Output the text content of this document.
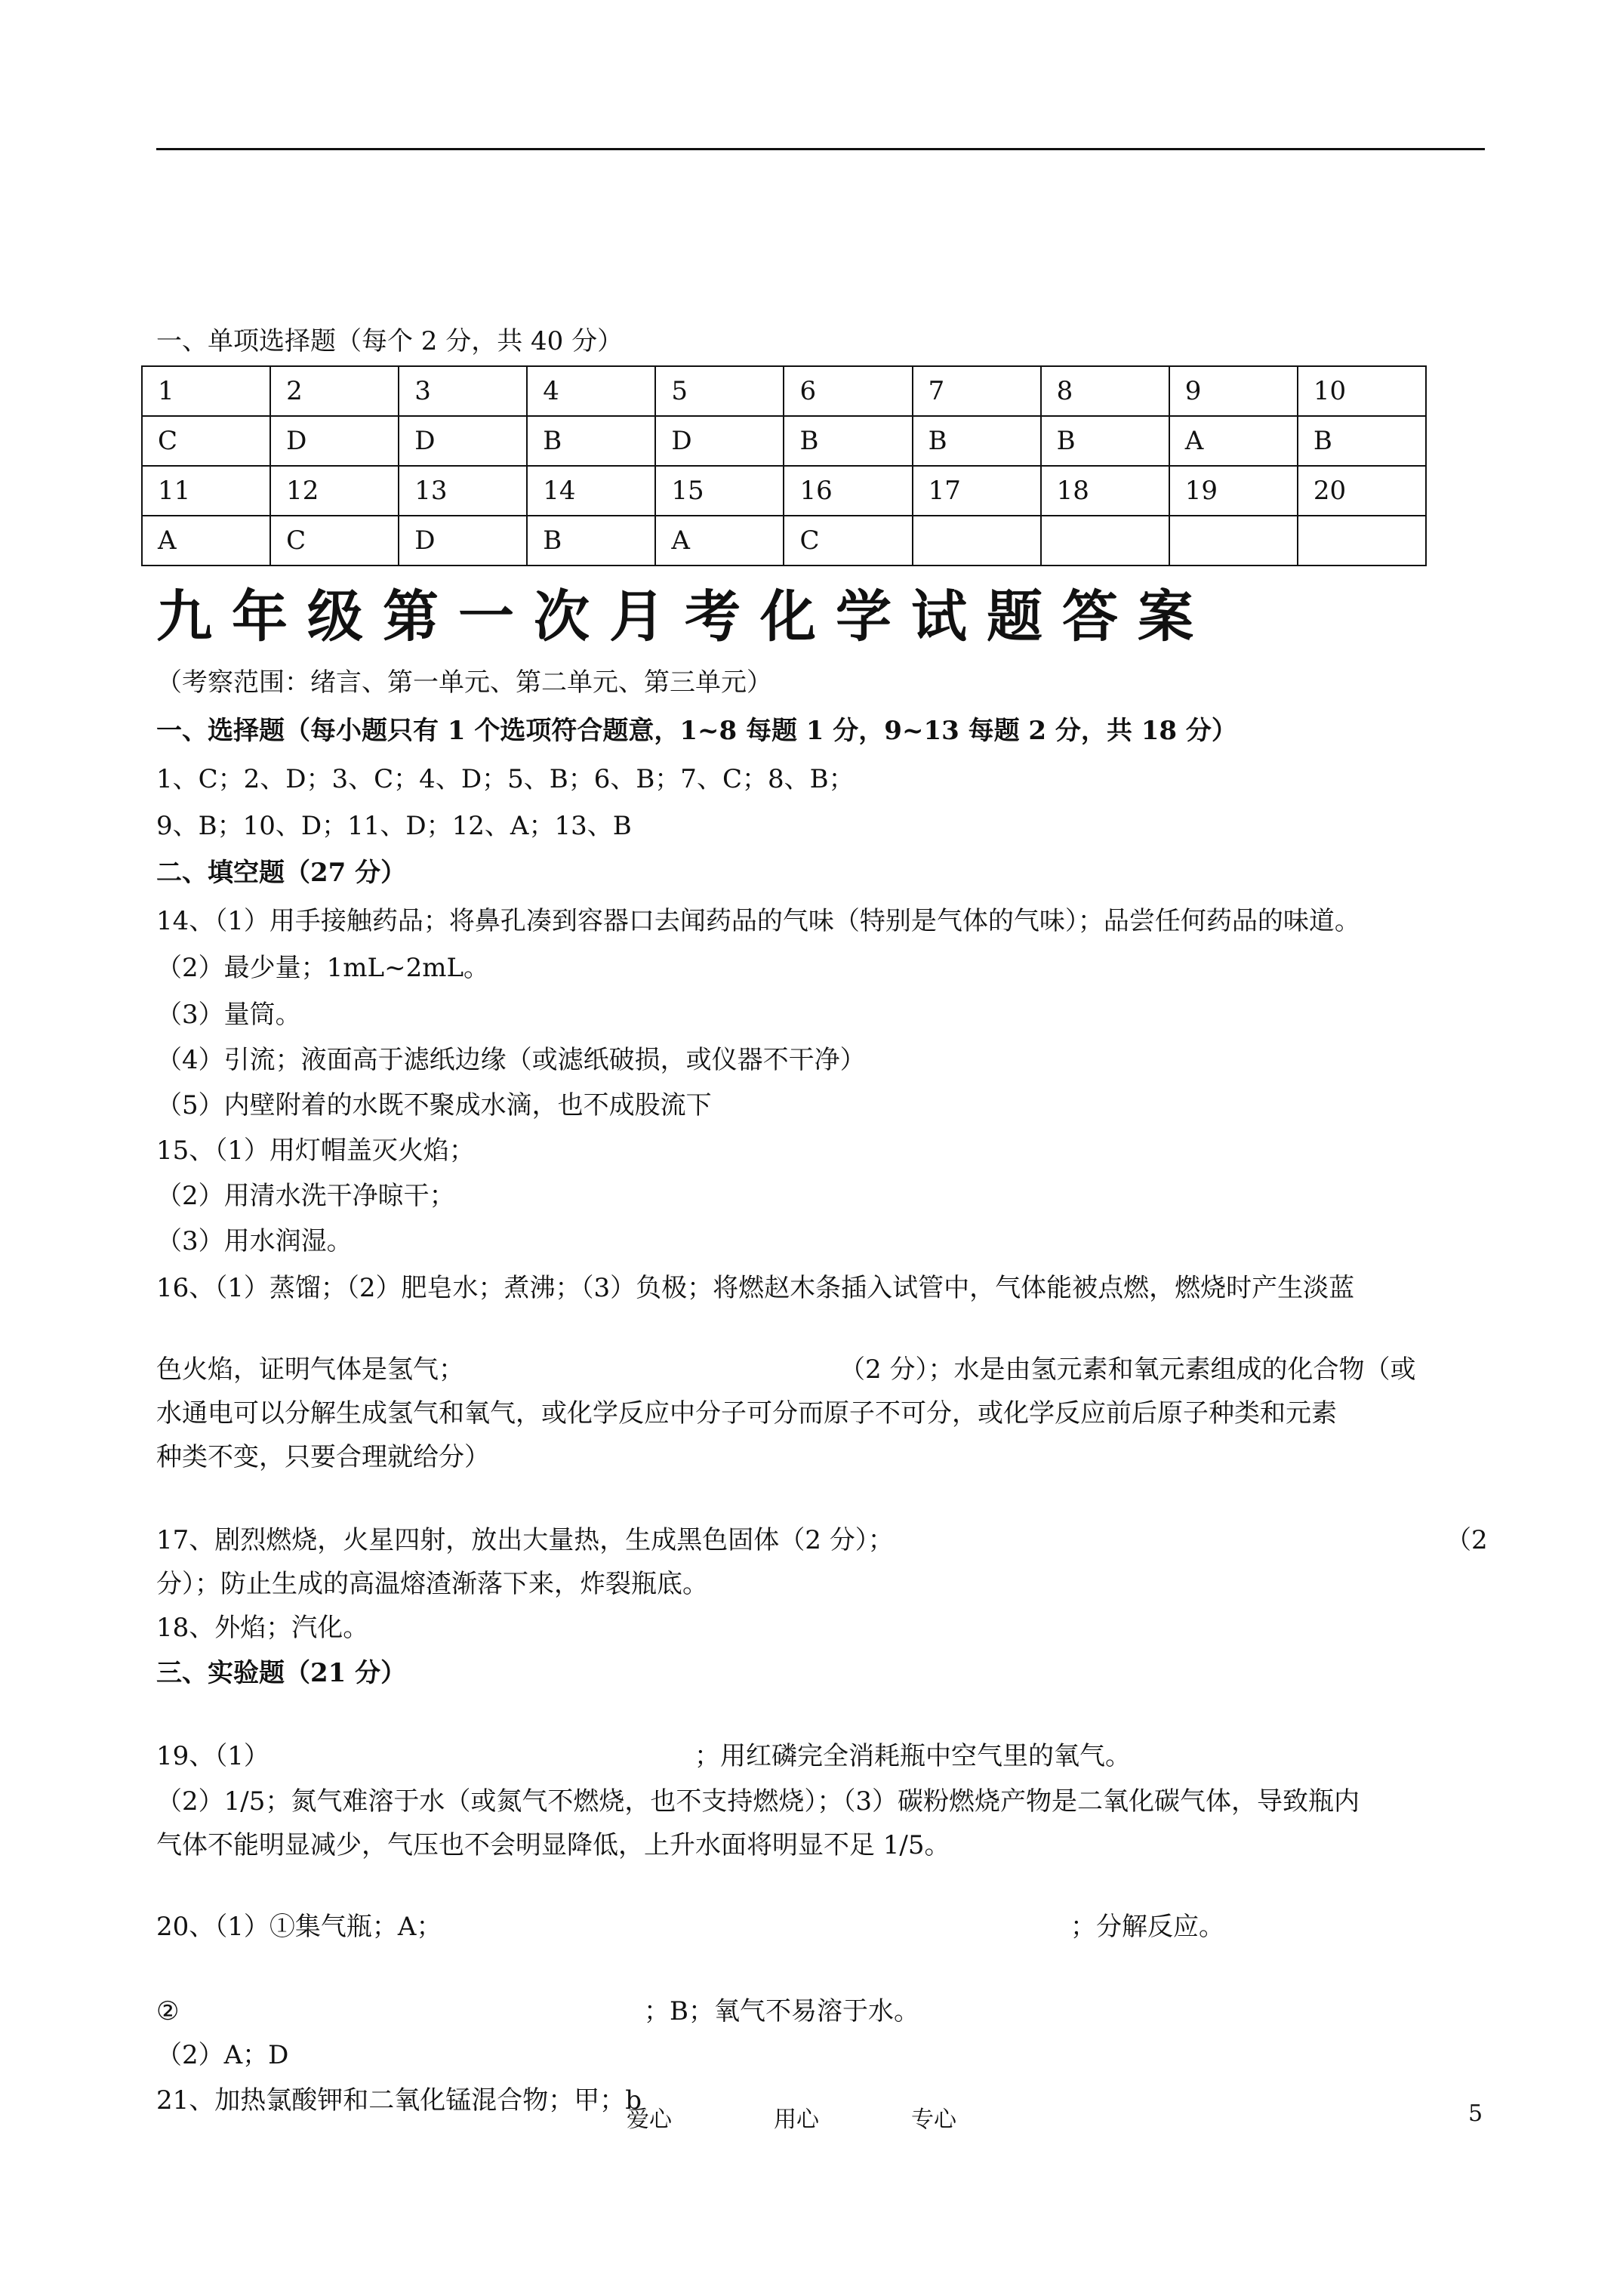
一、单项选择题（每个 2 分，共 40 分）
1	2	3	4	5	6	7	8	9	10
C	D	D	B	D	B	B	B	A	B
11	12	13	14	15	16	17	18	19	20
A	C	D	B	A	C				
九年级第一次月考化学试题答案
（考察范围：绪言、第一单元、第二单元、第三单元）
一、选择题（每小题只有 1 个选项符合题意，1~8 每题 1 分，9~13 每题 2 分，共 18 分）
1、C；2、D；3、C；4、D；5、B；6、B；7、C；8、B；
9、B；10、D；11、D；12、A；13、B
二、填空题（27 分）
14、（1）用手接触药品；将鼻孔凑到容器口去闻药品的气味（特别是气体的气味）；品尝任何药品的味道。
（2）最少量；1mL~2mL。
（3）量筒。
（4）引流；液面高于滤纸边缘（或滤纸破损，或仪器不干净）
（5）内壁附着的水既不聚成水滴，也不成股流下
15、（1）用灯帽盖灭火焰；
（2）用清水洗干净晾干；
（3）用水润湿。
16、（1）蒸馏；（2）肥皂水；煮沸；（3）负极；将燃赵木条插入试管中，气体能被点燃，燃烧时产生淡蓝
色火焰，证明气体是氢气；	（2 分）；水是由氢元素和氧元素组成的化合物（或
水通电可以分解生成氢气和氧气，或化学反应中分子可分而原子不可分，或化学反应前后原子种类和元素
种类不变，只要合理就给分）
17、剧烈燃烧，火星四射，放出大量热，生成黑色固体（2 分）；	（2
分）；防止生成的高温熔渣渐落下来，炸裂瓶底。
18、外焰；汽化。
三、实验题（21 分）
19、（1）	；用红磷完全消耗瓶中空气里的氧气。
（2）1/5；氮气难溶于水（或氮气不燃烧，也不支持燃烧）；（3）碳粉燃烧产物是二氧化碳气体，导致瓶内
气体不能明显减少，气压也不会明显降低，上升水面将明显不足 1/5。
20、（1）①集气瓶；A；	；分解反应。
②	；B；氧气不易溶于水。
（2）A；D
21、加热氯酸钾和二氧化锰混合物；甲；b
爱心	用心	专心	5
